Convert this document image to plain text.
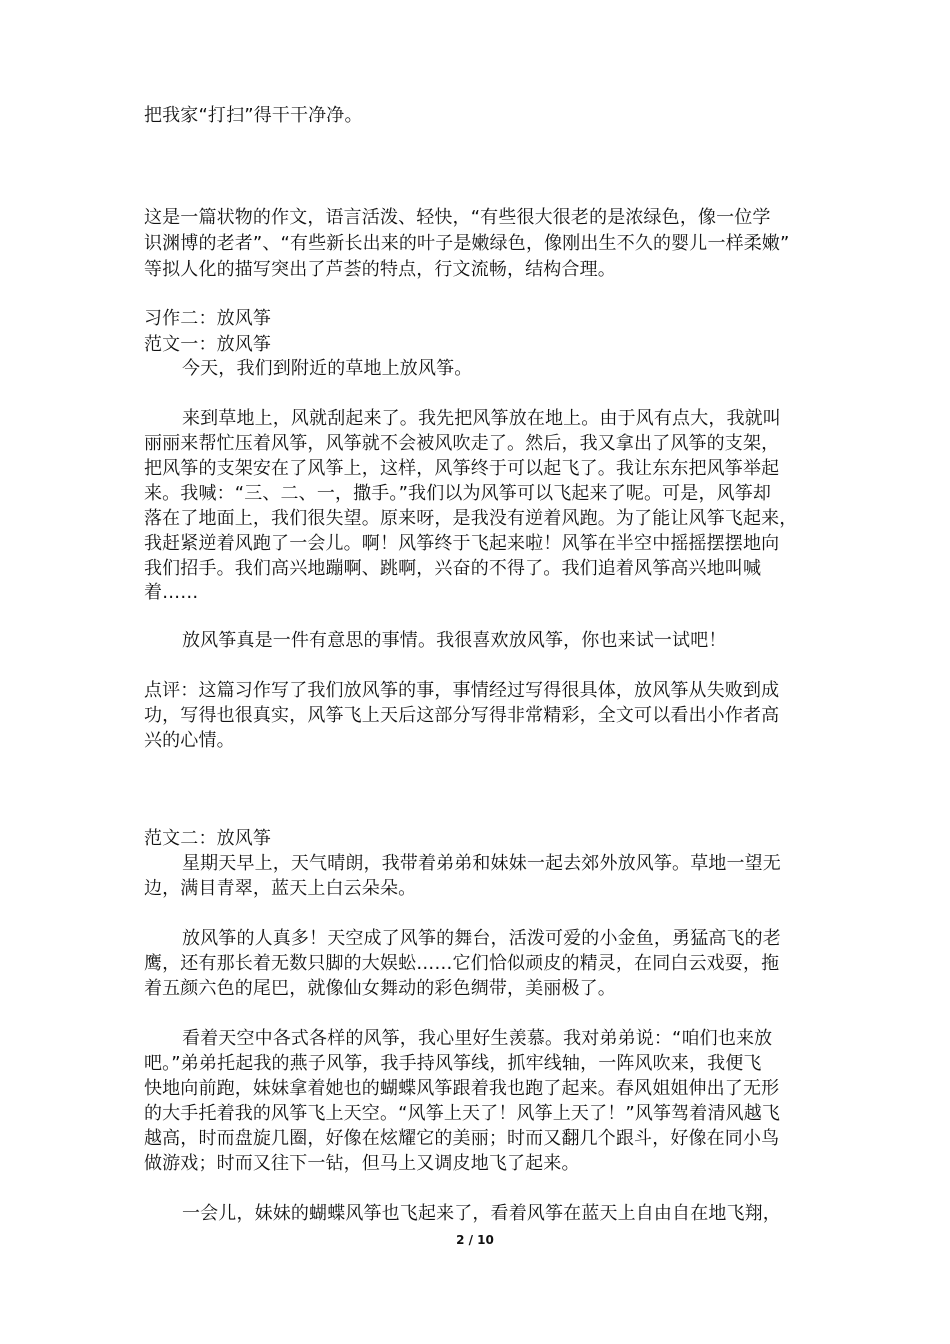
把我家“打扫”得干干净净。
这是一篇状物的作文，语言活泼、轻快，“有些很大很老的是浓绿色，像一位学
识渊博的老者”、“有些新长出来的叶子是嫩绿色，像刚出生不久的婴儿一样柔嫩”
等拟人化的描写突出了芦荟的特点，行文流畅，结构合理。
习作二：放风筝
范文一：放风筝
今天，我们到附近的草地上放风筝。
来到草地上，风就刮起来了。我先把风筝放在地上。由于风有点大，我就叫
丽丽来帮忙压着风筝，风筝就不会被风吹走了。然后，我又拿出了风筝的支架，
把风筝的支架安在了风筝上，这样，风筝终于可以起飞了。我让东东把风筝举起
来。我喊：“三、二、一，撒手。”我们以为风筝可以飞起来了呢。可是，风筝却
落在了地面上，我们很失望。原来呀，是我没有逆着风跑。为了能让风筝飞起来，
我赶紧逆着风跑了一会儿。啊！风筝终于飞起来啦！风筝在半空中摇摇摆摆地向
我们招手。我们高兴地蹦啊、跳啊，兴奋的不得了。我们追着风筝高兴地叫喊
着……
放风筝真是一件有意思的事情。我很喜欢放风筝，你也来试一试吧！
点评：这篇习作写了我们放风筝的事，事情经过写得很具体，放风筝从失败到成
功，写得也很真实，风筝飞上天后这部分写得非常精彩，全文可以看出小作者高
兴的心情。
范文二：放风筝
星期天早上，天气晴朗，我带着弟弟和妹妹一起去郊外放风筝。草地一望无
边，满目青翠，蓝天上白云朵朵。
放风筝的人真多！天空成了风筝的舞台，活泼可爱的小金鱼，勇猛高飞的老
鹰，还有那长着无数只脚的大娱蚣……它们恰似顽皮的精灵，在同白云戏耍，拖
着五颜六色的尾巴，就像仙女舞动的彩色绸带，美丽极了。
看着天空中各式各样的风筝，我心里好生羡慕。我对弟弟说：“咱们也来放
吧。”弟弟托起我的燕子风筝，我手持风筝线，抓牢线轴，一阵风吹来，我便飞
快地向前跑，妹妹拿着她也的蝴蝶风筝跟着我也跑了起来。春风姐姐伸出了无形
的大手托着我的风筝飞上天空。“风筝上天了！风筝上天了！”风筝驾着清风越飞
越高，时而盘旋几圈，好像在炫耀它的美丽；时而又翻几个跟斗，好像在同小鸟
做游戏；时而又往下一钻，但马上又调皮地飞了起来。
一会儿，妹妹的蝴蝶风筝也飞起来了，看着风筝在蓝天上自由自在地飞翔，
2 / 10
